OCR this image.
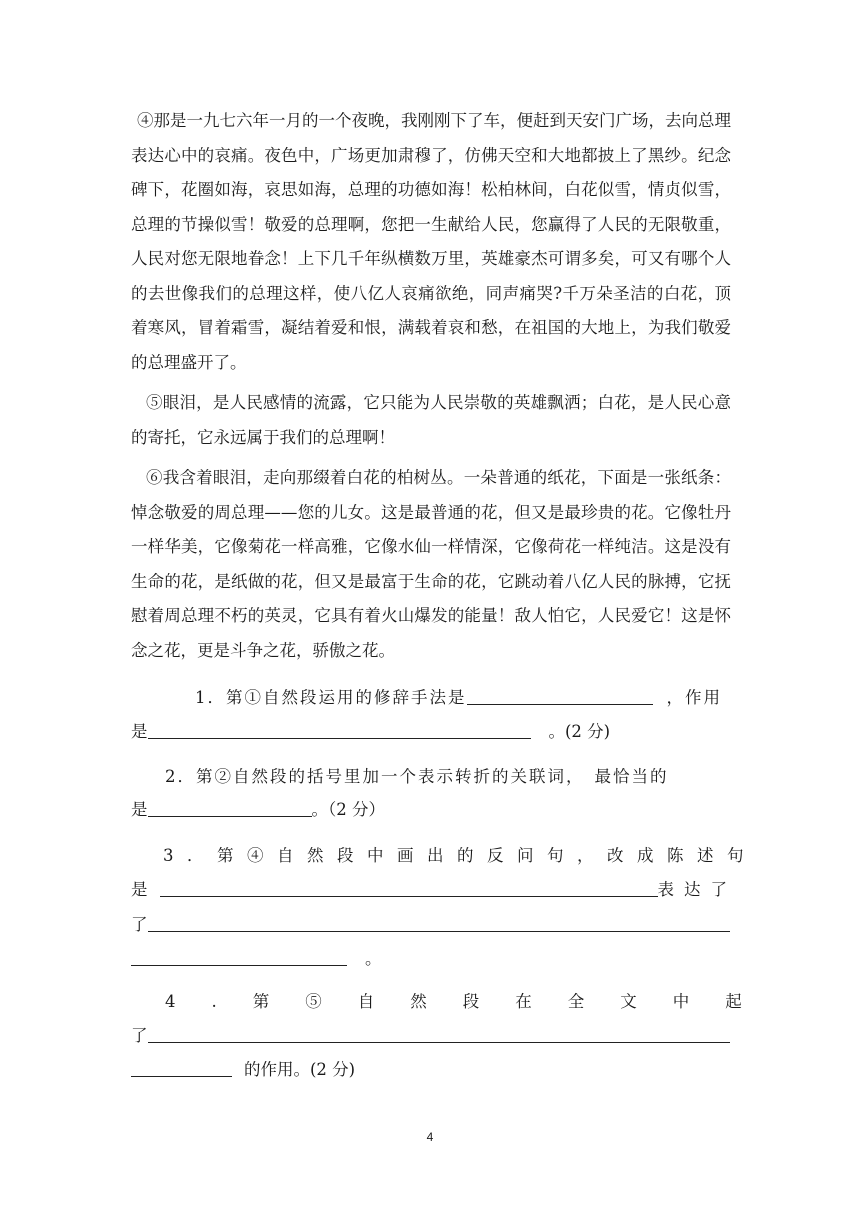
④那是一九七六年一月的一个夜晚，我刚刚下了车，便赶到天安门广场，去向总理表达心中的哀痛。夜色中，广场更加肃穆了，仿佛天空和大地都披上了黑纱。纪念碑下，花圈如海，哀思如海，总理的功德如海！松柏林间，白花似雪，情贞似雪，总理的节操似雪！敬爱的总理啊，您把一生献给人民，您赢得了人民的无限敬重，人民对您无限地眷念！上下几千年纵横数万里，英雄豪杰可谓多矣，可又有哪个人的去世像我们的总理这样，使八亿人哀痛欲绝，同声痛哭?千万朵圣洁的白花，顶着寒风，冒着霜雪，凝结着爱和恨，满载着哀和愁，在祖国的大地上，为我们敬爱的总理盛开了。

⑤眼泪，是人民感情的流露，它只能为人民崇敬的英雄飘洒；白花，是人民心意的寄托，它永远属于我们的总理啊！

⑥我含着眼泪，走向那缀着白花的柏树丛。一朵普通的纸花，下面是一张纸条：悼念敬爱的周总理——您的儿女。这是最普通的花，但又是最珍贵的花。它像牡丹一样华美，它像菊花一样高雅，它像水仙一样情深，它像荷花一样纯洁。这是没有生命的花，是纸做的花，但又是最富于生命的花，它跳动着八亿人民的脉搏，它抚慰着周总理不朽的英灵，它具有着火山爆发的能量！敌人怕它，人民爱它！这是怀念之花，更是斗争之花，骄傲之花。

1．第①自然段运用的修辞手法是	，作用
是	。(2 分)
2．第②自然段的括号里加一个表示转折的关联词， 最恰当的
是	。（2 分）
3．第④自然段中画出的反问句，改成陈述句
是	表达了
了
。
4.第⑤自然段在全文中起
了
的作用。(2 分)
4
